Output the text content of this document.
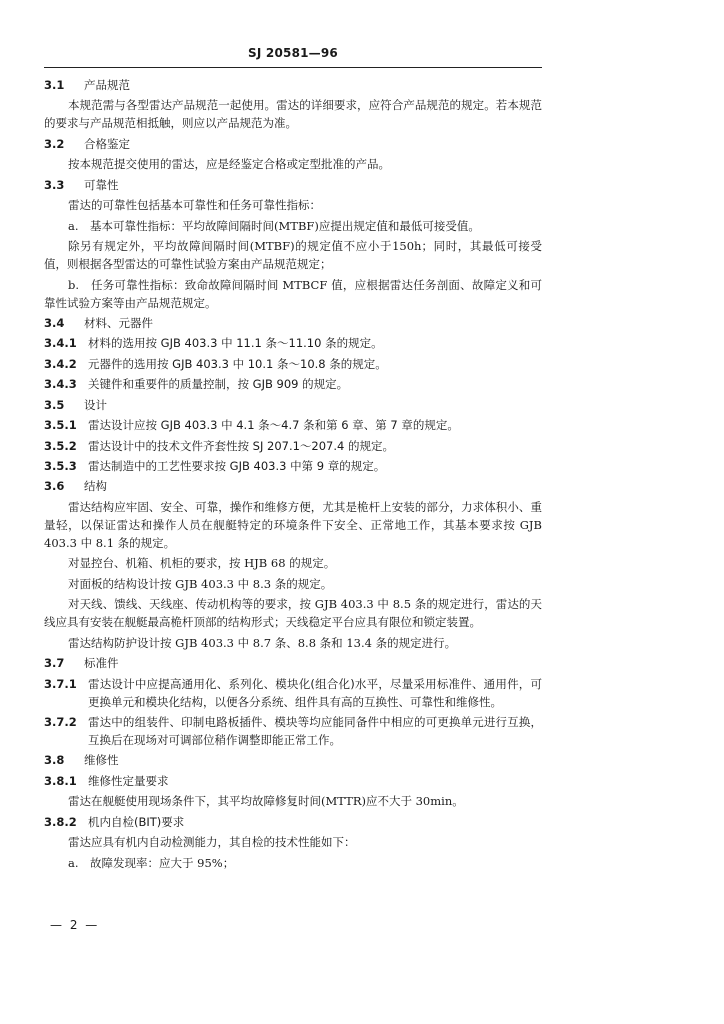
SJ 20581—96

3.1	产品规范

本规范需与各型雷达产品规范一起使用。雷达的详细要求，应符合产品规范的规定。若本规范的要求与产品规范相抵触，则应以产品规范为准。

3.2	合格鉴定

按本规范提交使用的雷达，应是经鉴定合格或定型批准的产品。

3.3	可靠性

雷达的可靠性包括基本可靠性和任务可靠性指标：

a.　基本可靠性指标：平均故障间隔时间(MTBF)应提出规定值和最低可接受值。

除另有规定外，平均故障间隔时间(MTBF)的规定值不应小于150h；同时，其最低可接受值，则根据各型雷达的可靠性试验方案由产品规范规定；

b.　任务可靠性指标：致命故障间隔时间 MTBCF 值，应根据雷达任务剖面、故障定义和可靠性试验方案等由产品规范规定。

3.4	材料、元器件

3.4.1 材料的选用按 GJB 403.3 中 11.1 条～11.10 条的规定。

3.4.2 元器件的选用按 GJB 403.3 中 10.1 条～10.8 条的规定。

3.4.3 关键件和重要件的质量控制，按 GJB 909 的规定。

3.5	设计

3.5.1 雷达设计应按 GJB 403.3 中 4.1 条～4.7 条和第 6 章、第 7 章的规定。

3.5.2 雷达设计中的技术文件齐套性按 SJ 207.1～207.4 的规定。

3.5.3 雷达制造中的工艺性要求按 GJB 403.3 中第 9 章的规定。

3.6	结构

雷达结构应牢固、安全、可靠，操作和维修方便，尤其是桅杆上安装的部分，力求体积小、重量轻，以保证雷达和操作人员在舰艇特定的环境条件下安全、正常地工作，其基本要求按 GJB 403.3 中 8.1 条的规定。

对显控台、机箱、机柜的要求，按 HJB 68 的规定。

对面板的结构设计按 GJB 403.3 中 8.3 条的规定。

对天线、馈线、天线座、传动机构等的要求，按 GJB 403.3 中 8.5 条的规定进行，雷达的天线应具有安装在舰艇最高桅杆顶部的结构形式；天线稳定平台应具有限位和锁定装置。

雷达结构防护设计按 GJB 403.3 中 8.7 条、8.8 条和 13.4 条的规定进行。

3.7	标准件

3.7.1 雷达设计中应提高通用化、系列化、模块化(组合化)水平，尽量采用标准件、通用件，可更换单元和模块化结构，以便各分系统、组件具有高的互换性、可靠性和维修性。

3.7.2 雷达中的组装件、印制电路板插件、模块等均应能同备件中相应的可更换单元进行互换，互换后在现场对可调部位稍作调整即能正常工作。

3.8	维修性

3.8.1 维修性定量要求

雷达在舰艇使用现场条件下，其平均故障修复时间(MTTR)应不大于 30min。

3.8.2 机内自检(BIT)要求

雷达应具有机内自动检测能力，其自检的技术性能如下：

a.　故障发现率：应大于 95%；

— 2 —
